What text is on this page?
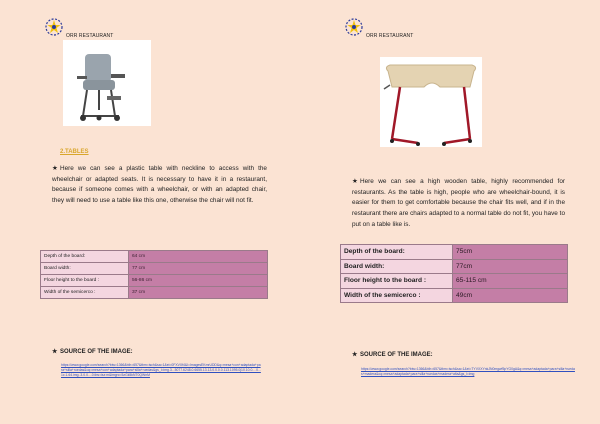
ORR RESTAURANT
2.TABLES
★ Here we can see a plastic table with neckline to access with the wheelchair or adapted seats. It is necessary to have it in a restaurant, because if someone comes with a wheelchair, or with an adapted chair, they will need to use a table like this one, otherwise the chair will not fit.
Depth of the board:	64 cm
Board width:	77 cm
Floor height to the board :	56-86 cm
Width of the semicerco :	37 cm
★ SOURCE OF THE IMAGE:
https://www.google.com/search?biw=1366&bih=657&tbm=isch&sa=1&ei=0FXVXf4&l=ImagesEKmrUDD&q=mesa+con+adaptada+para+silla+ruedas&oq=mesa+con+adaptada+para+silla+ruedas&gs_l=img.3...5077.6248.0.6655.13.13.0.0.0.0.113.1095.0j10.10.0....0...1c.1.64.img..3.0.0....0.tbs=isz:m&imgrc=5zGk5kNT0QWnM
ORR RESTAURANT
★ Here we can see a high wooden table, highly recommended for restaurants. As the table is high, people who are wheelchair-bound, it is easier for them to get comfortable because the chair fits well, and if in the restaurant there are chairs adapted to a normal table do not fit, you have to put on a table like is.
Depth of the board:	75cm
Board width:	77cm
Floor height to the board :	65-115 cm
Width of the semicerco :	49cm
★ SOURCE OF THE IMAGE:
https://www.google.com/search?biw=1366&bih=657&tbm=isch&sa=1&ei=TYVXXYnkJN0mgwf5pYG0gA&q=mesa+adaptada+para+silla+ruedas+madera&oq=mesa+adaptada+para+silla+ruedas+madera+alta&gs_l=img
